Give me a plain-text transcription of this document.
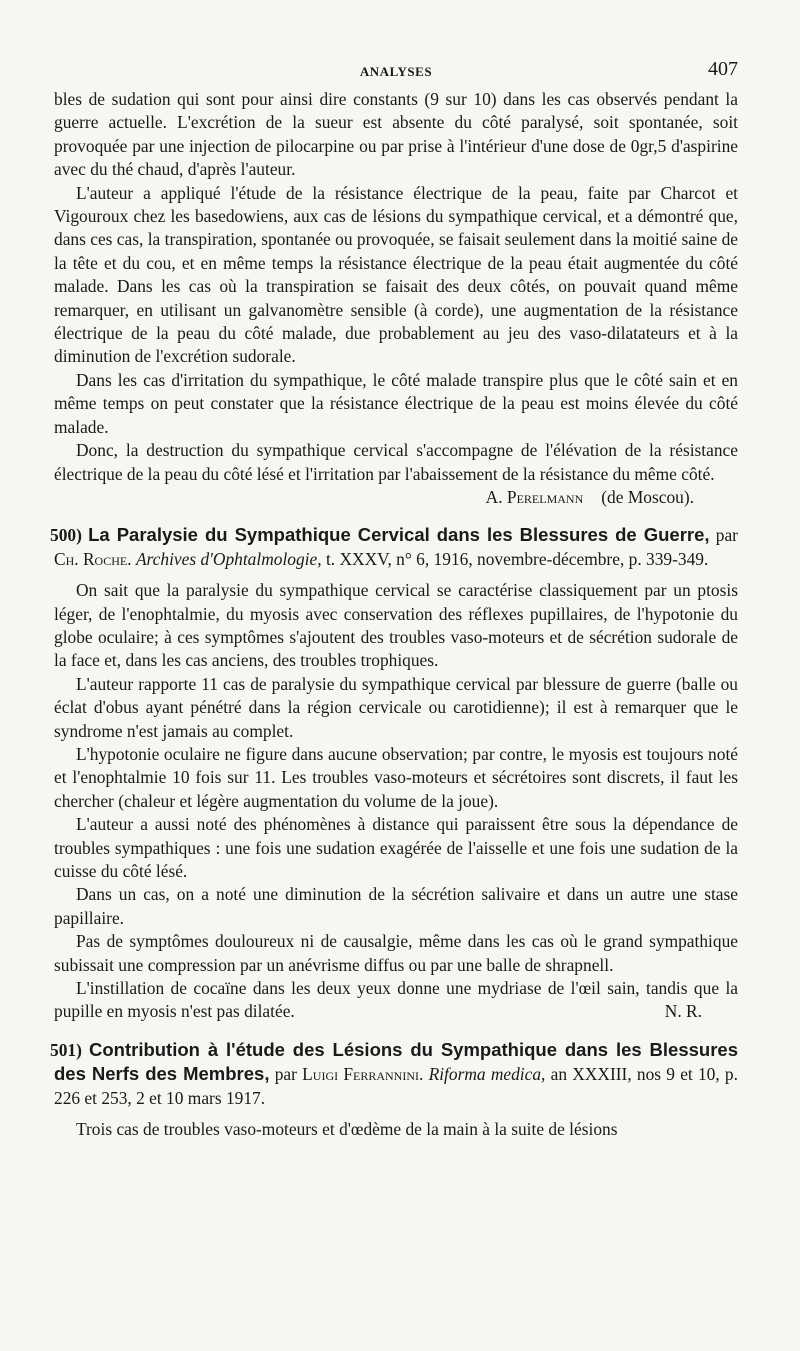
ANALYSES	407

bles de sudation qui sont pour ainsi dire constants (9 sur 10) dans les cas observés pendant la guerre actuelle. L'excrétion de la sueur est absente du côté paralysé, soit spontanée, soit provoquée par une injection de pilocarpine ou par prise à l'intérieur d'une dose de 0gr,5 d'aspirine avec du thé chaud, d'après l'auteur.

L'auteur a appliqué l'étude de la résistance électrique de la peau, faite par Charcot et Vigouroux chez les basedowiens, aux cas de lésions du sympathique cervical, et a démontré que, dans ces cas, la transpiration, spontanée ou provoquée, se faisait seulement dans la moitié saine de la tête et du cou, et en même temps la résistance électrique de la peau était augmentée du côté malade. Dans les cas où la transpiration se faisait des deux côtés, on pouvait quand même remarquer, en utilisant un galvanomètre sensible (à corde), une augmentation de la résistance électrique de la peau du côté malade, due probablement au jeu des vaso-dilatateurs et à la diminution de l'excrétion sudorale.

Dans les cas d'irritation du sympathique, le côté malade transpire plus que le côté sain et en même temps on peut constater que la résistance électrique de la peau est moins élevée du côté malade.

Donc, la destruction du sympathique cervical s'accompagne de l'élévation de la résistance électrique de la peau du côté lésé et l'irritation par l'abaissement de la résistance du même côté.

A. Perelmann (de Moscou).

500) La Paralysie du Sympathique Cervical dans les Blessures de Guerre, par Ch. Roche. Archives d'Ophtalmologie, t. XXXV, n° 6, 1916, novembre-décembre, p. 339-349.

On sait que la paralysie du sympathique cervical se caractérise classiquement par un ptosis léger, de l'enophtalmie, du myosis avec conservation des réflexes pupillaires, de l'hypotonie du globe oculaire; à ces symptômes s'ajoutent des troubles vaso-moteurs et de sécrétion sudorale de la face et, dans les cas anciens, des troubles trophiques.

L'auteur rapporte 11 cas de paralysie du sympathique cervical par blessure de guerre (balle ou éclat d'obus ayant pénétré dans la région cervicale ou carotidienne); il est à remarquer que le syndrome n'est jamais au complet.

L'hypotonie oculaire ne figure dans aucune observation; par contre, le myosis est toujours noté et l'enophtalmie 10 fois sur 11. Les troubles vaso-moteurs et sécrétoires sont discrets, il faut les chercher (chaleur et légère augmentation du volume de la joue).

L'auteur a aussi noté des phénomènes à distance qui paraissent être sous la dépendance de troubles sympathiques : une fois une sudation exagérée de l'aisselle et une fois une sudation de la cuisse du côté lésé.

Dans un cas, on a noté une diminution de la sécrétion salivaire et dans un autre une stase papillaire.

Pas de symptômes douloureux ni de causalgie, même dans les cas où le grand sympathique subissait une compression par un anévrisme diffus ou par une balle de shrapnell.

L'instillation de cocaïne dans les deux yeux donne une mydriase de l'œil sain, tandis que la pupille en myosis n'est pas dilatée.	N. R.

501) Contribution à l'étude des Lésions du Sympathique dans les Blessures des Nerfs des Membres, par Luigi Ferrannini. Riforma medica, an XXXIII, nos 9 et 10, p. 226 et 253, 2 et 10 mars 1917.

Trois cas de troubles vaso-moteurs et d'œdème de la main à la suite de lésions
